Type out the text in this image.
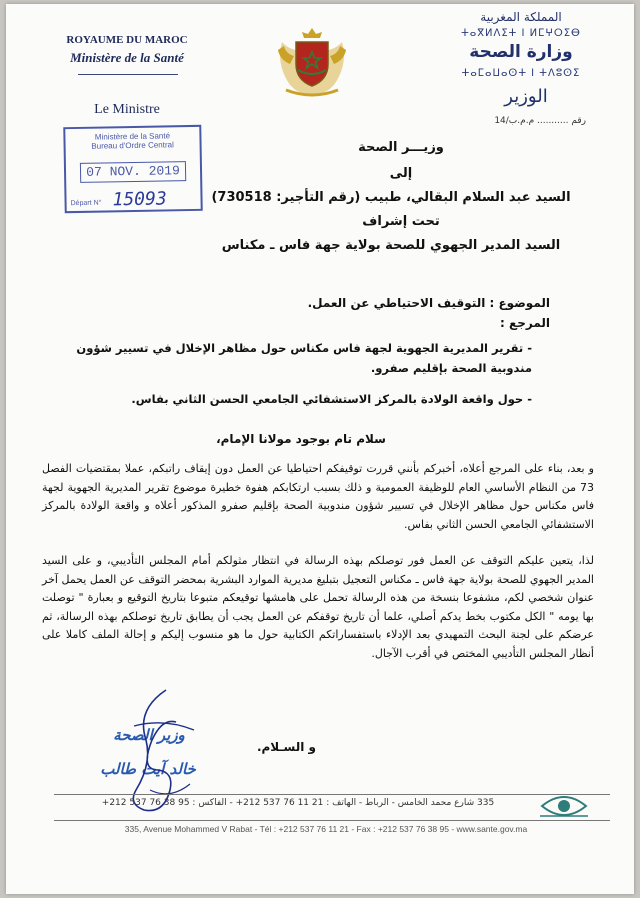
ROYAUME DU MAROC
Ministère de la Santé
Le Ministre
المملكة المغربية
ⵜⴰⴳⵍⴷⵉⵜ ⵏ ⵍⵎⵖⵔⵉⴱ
وزارة الصحة
ⵜⴰⵎⴰⵡⴰⵙⵜ ⵏ ⵜⴷⵓⵙⵉ
الوزير
رقم ........... م.م.ب/14
Ministère de la Santé
Bureau d'Ordre Central
07 NOV. 2019
Départ N° 15093
وزيـــر الصحة
إلى
السيد عبد السلام البقالي، طبيب (رقم التأجير: 730518)
تحت إشراف
السيد المدير الجهوي للصحة بولاية جهة فاس ـ مكناس
الموضوع : التوقيف الاحتياطي عن العمل.
المرجع :
- تقرير المديرية الجهوية لجهة فاس مكناس حول مظاهر الإخلال في تسيير شؤون مندوبية الصحة بإقليم صفرو.
- حول واقعة الولادة بالمركز الاستشفائي الجامعي الحسن الثاني بفاس.
سلام تام بوجود مولانا الإمام،

و بعد، بناء على المرجع أعلاه، أخبركم بأنني قررت توقيفكم احتياطيا عن العمل دون إيقاف راتبكم، عملا بمقتضيات الفصل 73 من النظام الأساسي العام للوظيفة العمومية و ذلك بسبب ارتكابكم هفوة خطيرة موضوع تقرير المديرية الجهوية لجهة فاس مكناس حول مظاهر الإخلال في تسيير شؤون مندوبية الصحة بإقليم صفرو المذكور أعلاه و واقعة الولادة بالمركز الاستشفائي الجامعي الحسن الثاني بفاس.

لذا، يتعين عليكم التوقف عن العمل فور توصلكم بهذه الرسالة في انتظار مثولكم أمام المجلس التأديبي، و على السيد المدير الجهوي للصحة بولاية جهة فاس ـ مكناس التعجيل بتبليغ مديرية الموارد البشرية بمحضر التوقف عن العمل يحمل آخر عنوان شخصي لكم، مشفوعا بنسخة من هذه الرسالة تحمل على هامشها توقيعكم متبوعا بتاريخ التوقيع و بعبارة " توصلت بها يومه " الكل مكتوب بخط يدكم أصلي، علما أن تاريخ توقفكم عن العمل يجب أن يطابق تاريخ توصلكم بهذه الرسالة، ثم عرضكم على لجنة البحث التمهيدي بعد الإدلاء باستفساراتكم الكتابية حول ما هو منسوب إليكم و إحالة الملف كاملا على أنظار المجلس التأديبي المختص في أقرب الآجال.

و السـلام.
وزير الصحة
خالد آيت طالب
335 شارع محمد الخامس - الرباط - الهاتف : 21 11 76 537 212+ - الفاكس : 95 38 76 537 212+
335, Avenue Mohammed V Rabat - Tél : +212 537 76 11 21 - Fax : +212 537 76 38 95 - www.sante.gov.ma
